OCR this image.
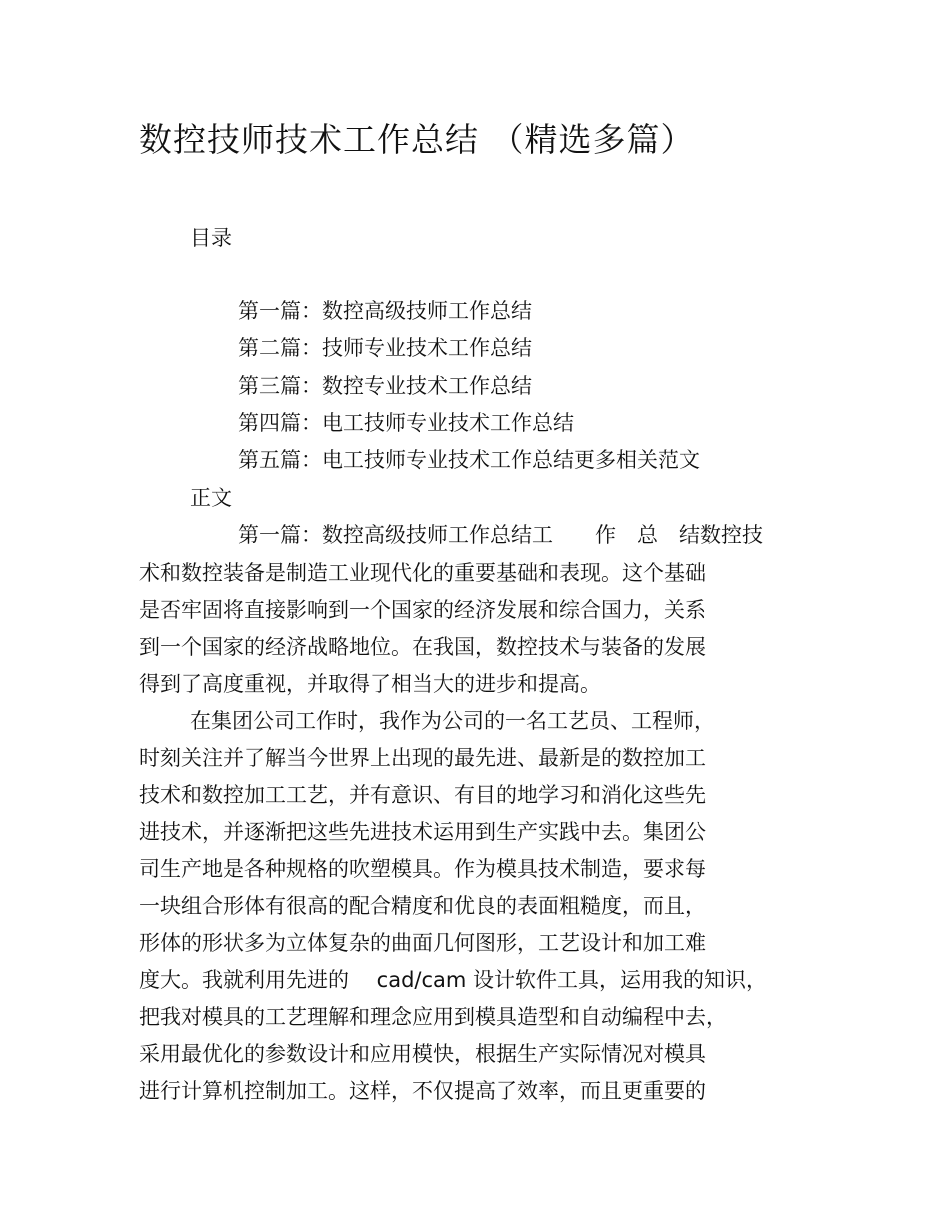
数控技师技术工作总结 （精选多篇）
目录
第一篇：数控高级技师工作总结
第二篇：技师专业技术工作总结
第三篇：数控专业技术工作总结
第四篇：电工技师专业技术工作总结
第五篇：电工技师专业技术工作总结更多相关范文
正文
第一篇：数控高级技师工作总结工　　作　总　结数控技
术和数控装备是制造工业现代化的重要基础和表现。这个基础
是否牢固将直接影响到一个国家的经济发展和综合国力，关系
到一个国家的经济战略地位。在我国，数控技术与装备的发展
得到了高度重视，并取得了相当大的进步和提高。
在集团公司工作时，我作为公司的一名工艺员、工程师，
时刻关注并了解当今世界上出现的最先进、最新是的数控加工
技术和数控加工工艺，并有意识、有目的地学习和消化这些先
进技术，并逐渐把这些先进技术运用到生产实践中去。集团公
司生产地是各种规格的吹塑模具。作为模具技术制造，要求每
一块组合形体有很高的配合精度和优良的表面粗糙度，而且，
形体的形状多为立体复杂的曲面几何图形，工艺设计和加工难
度大。我就利用先进的　 cad/cam 设计软件工具，运用我的知识，
把我对模具的工艺理解和理念应用到模具造型和自动编程中去，
采用最优化的参数设计和应用模快，根据生产实际情况对模具
进行计算机控制加工。这样，不仅提高了效率，而且更重要的
